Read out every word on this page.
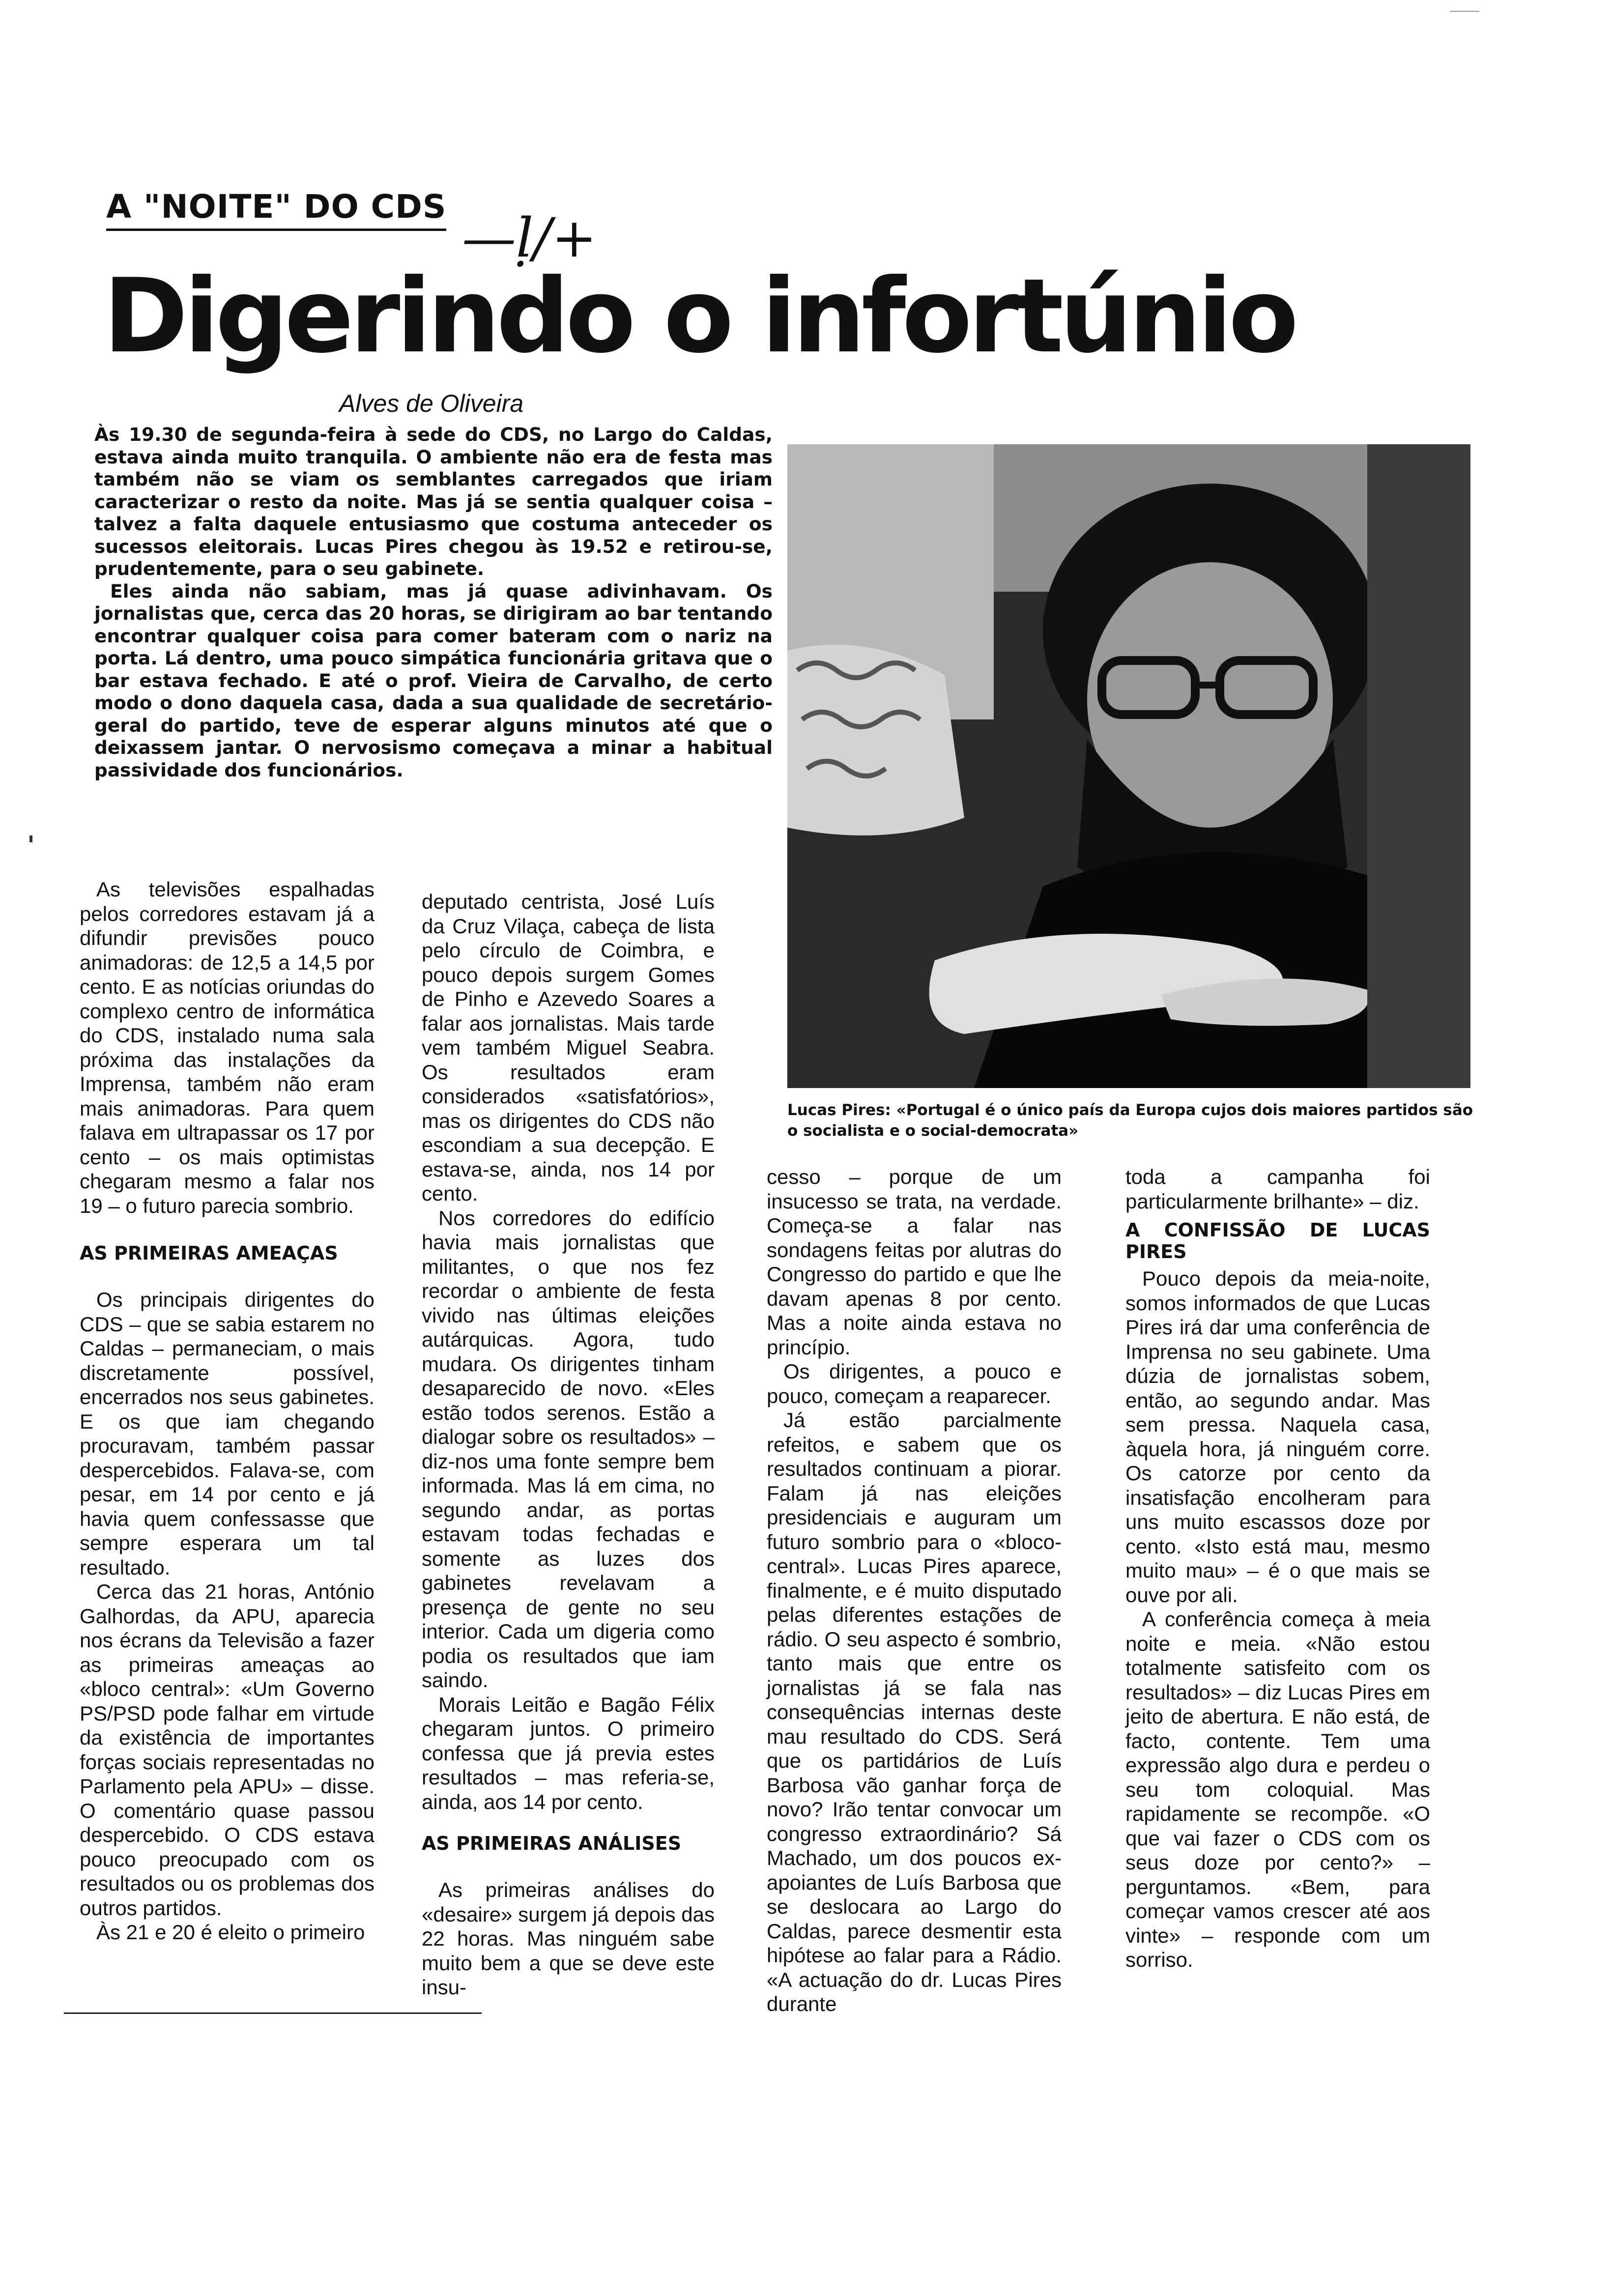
A "NOITE" DO CDS —ḷ/+
Digerindo o infortúnio
Alves de Oliveira

Às 19.30 de segunda-feira à sede do CDS, no Largo do Caldas, estava ainda muito tranquila. O ambiente não era de festa mas também não se viam os semblantes carregados que iriam caracterizar o resto da noite. Mas já se sentia qualquer coisa – talvez a falta daquele entusiasmo que costuma anteceder os sucessos eleitorais. Lucas Pires chegou às 19.52 e retirou-se, prudentemente, para o seu gabinete.

Eles ainda não sabiam, mas já quase adivinhavam. Os jornalistas que, cerca das 20 horas, se dirigiram ao bar tentando encontrar qualquer coisa para comer bateram com o nariz na porta. Lá dentro, uma pouco simpática funcionária gritava que o bar estava fechado. E até o prof. Vieira de Carvalho, de certo modo o dono daquela casa, dada a sua qualidade de secretário-geral do partido, teve de esperar alguns minutos até que o deixassem jantar. O nervosismo começava a minar a habitual passividade dos funcionários.

Lucas Pires: «Portugal é o único país da Europa cujos dois maiores partidos são o socialista e o social-democrata»

As televisões espalhadas pelos corredores estavam já a difundir previsões pouco animadoras: de 12,5 a 14,5 por cento. E as notícias oriundas do complexo centro de informática do CDS, instalado numa sala próxima das instalações da Imprensa, também não eram mais animadoras. Para quem falava em ultrapassar os 17 por cento – os mais optimistas chegaram mesmo a falar nos 19 – o futuro parecia sombrio.

AS PRIMEIRAS AMEAÇAS

Os principais dirigentes do CDS – que se sabia estarem no Caldas – permaneciam, o mais discretamente possível, encerrados nos seus gabinetes. E os que iam chegando procuravam, também passar despercebidos. Falava-se, com pesar, em 14 por cento e já havia quem confessasse que sempre esperara um tal resultado.

Cerca das 21 horas, António Galhordas, da APU, aparecia nos écrans da Televisão a fazer as primeiras ameaças ao «bloco central»: «Um Governo PS/PSD pode falhar em virtude da existência de importantes forças sociais representadas no Parlamento pela APU» – disse. O comentário quase passou despercebido. O CDS estava pouco preocupado com os resultados ou os problemas dos outros partidos.

Às 21 e 20 é eleito o primeiro

deputado centrista, José Luís da Cruz Vilaça, cabeça de lista pelo círculo de Coimbra, e pouco depois surgem Gomes de Pinho e Azevedo Soares a falar aos jornalistas. Mais tarde vem também Miguel Seabra. Os resultados eram considerados «satisfatórios», mas os dirigentes do CDS não escondiam a sua decepção. E estava-se, ainda, nos 14 por cento.

Nos corredores do edifício havia mais jornalistas que militantes, o que nos fez recordar o ambiente de festa vivido nas últimas eleições autárquicas. Agora, tudo mudara. Os dirigentes tinham desaparecido de novo. «Eles estão todos serenos. Estão a dialogar sobre os resultados» – diz-nos uma fonte sempre bem informada. Mas lá em cima, no segundo andar, as portas estavam todas fechadas e somente as luzes dos gabinetes revelavam a presença de gente no seu interior. Cada um digeria como podia os resultados que iam saindo.

Morais Leitão e Bagão Félix chegaram juntos. O primeiro confessa que já previa estes resultados – mas referia-se, ainda, aos 14 por cento.

AS PRIMEIRAS ANÁLISES

As primeiras análises do «desaire» surgem já depois das 22 horas. Mas ninguém sabe muito bem a que se deve este insu-

cesso – porque de um insucesso se trata, na verdade. Começa-se a falar nas sondagens feitas por alutras do Congresso do partido e que lhe davam apenas 8 por cento. Mas a noite ainda estava no princípio.

Os dirigentes, a pouco e pouco, começam a reaparecer.

Já estão parcialmente refeitos, e sabem que os resultados continuam a piorar. Falam já nas eleições presidenciais e auguram um futuro sombrio para o «bloco-central». Lucas Pires aparece, finalmente, e é muito disputado pelas diferentes estações de rádio. O seu aspecto é sombrio, tanto mais que entre os jornalistas já se fala nas consequências internas deste mau resultado do CDS. Será que os partidários de Luís Barbosa vão ganhar força de novo? Irão tentar convocar um congresso extraordinário? Sá Machado, um dos poucos ex-apoiantes de Luís Barbosa que se deslocara ao Largo do Caldas, parece desmentir esta hipótese ao falar para a Rádio. «A actuação do dr. Lucas Pires durante

toda a campanha foi particularmente brilhante» – diz.

A CONFISSÃO DE LUCAS PIRES

Pouco depois da meia-noite, somos informados de que Lucas Pires irá dar uma conferência de Imprensa no seu gabinete. Uma dúzia de jornalistas sobem, então, ao segundo andar. Mas sem pressa. Naquela casa, àquela hora, já ninguém corre. Os catorze por cento da insatisfação encolheram para uns muito escassos doze por cento. «Isto está mau, mesmo muito mau» – é o que mais se ouve por ali.

A conferência começa à meia noite e meia. «Não estou totalmente satisfeito com os resultados» – diz Lucas Pires em jeito de abertura. E não está, de facto, contente. Tem uma expressão algo dura e perdeu o seu tom coloquial. Mas rapidamente se recompõe. «O que vai fazer o CDS com os seus doze por cento?» – perguntamos. «Bem, para começar vamos crescer até aos vinte» – responde com um sorriso.
